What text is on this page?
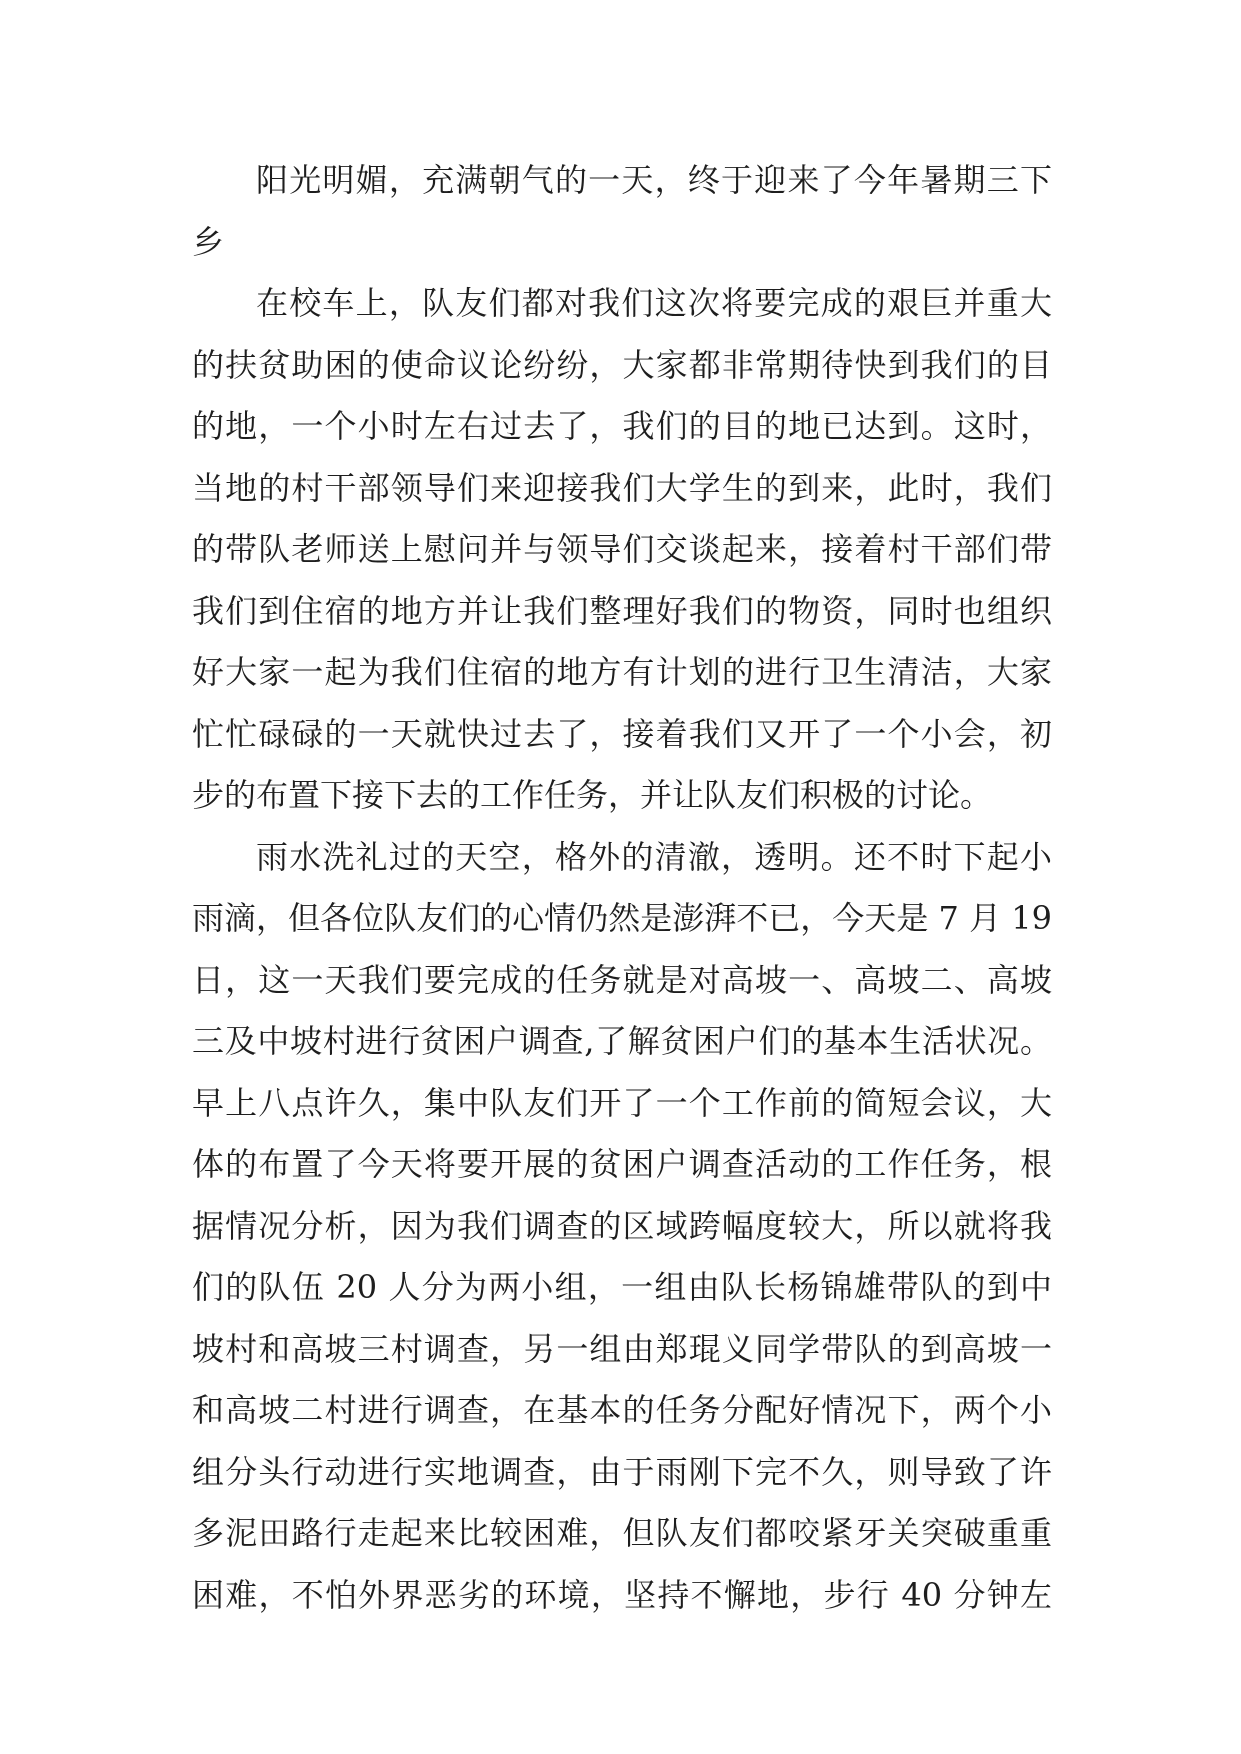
阳光明媚，充满朝气的一天，终于迎来了今年暑期三下
乡
在校车上，队友们都对我们这次将要完成的艰巨并重大
的扶贫助困的使命议论纷纷，大家都非常期待快到我们的目
的地，一个小时左右过去了，我们的目的地已达到。这时，
当地的村干部领导们来迎接我们大学生的到来，此时，我们
的带队老师送上慰问并与领导们交谈起来，接着村干部们带
我们到住宿的地方并让我们整理好我们的物资，同时也组织
好大家一起为我们住宿的地方有计划的进行卫生清洁，大家
忙忙碌碌的一天就快过去了，接着我们又开了一个小会，初
步的布置下接下去的工作任务，并让队友们积极的讨论。
雨水洗礼过的天空，格外的清澈，透明。还不时下起小
雨滴，但各位队友们的心情仍然是澎湃不已，今天是 7 月 19
日，这一天我们要完成的任务就是对高坡一、高坡二、高坡
三及中坡村进行贫困户调查,了解贫困户们的基本生活状况。
早上八点许久，集中队友们开了一个工作前的简短会议，大
体的布置了今天将要开展的贫困户调查活动的工作任务，根
据情况分析，因为我们调查的区域跨幅度较大，所以就将我
们的队伍 20 人分为两小组，一组由队长杨锦雄带队的到中
坡村和高坡三村调查，另一组由郑琨义同学带队的到高坡一
和高坡二村进行调查，在基本的任务分配好情况下，两个小
组分头行动进行实地调查，由于雨刚下完不久，则导致了许
多泥田路行走起来比较困难，但队友们都咬紧牙关突破重重
困难，不怕外界恶劣的环境，坚持不懈地，步行 40 分钟左
